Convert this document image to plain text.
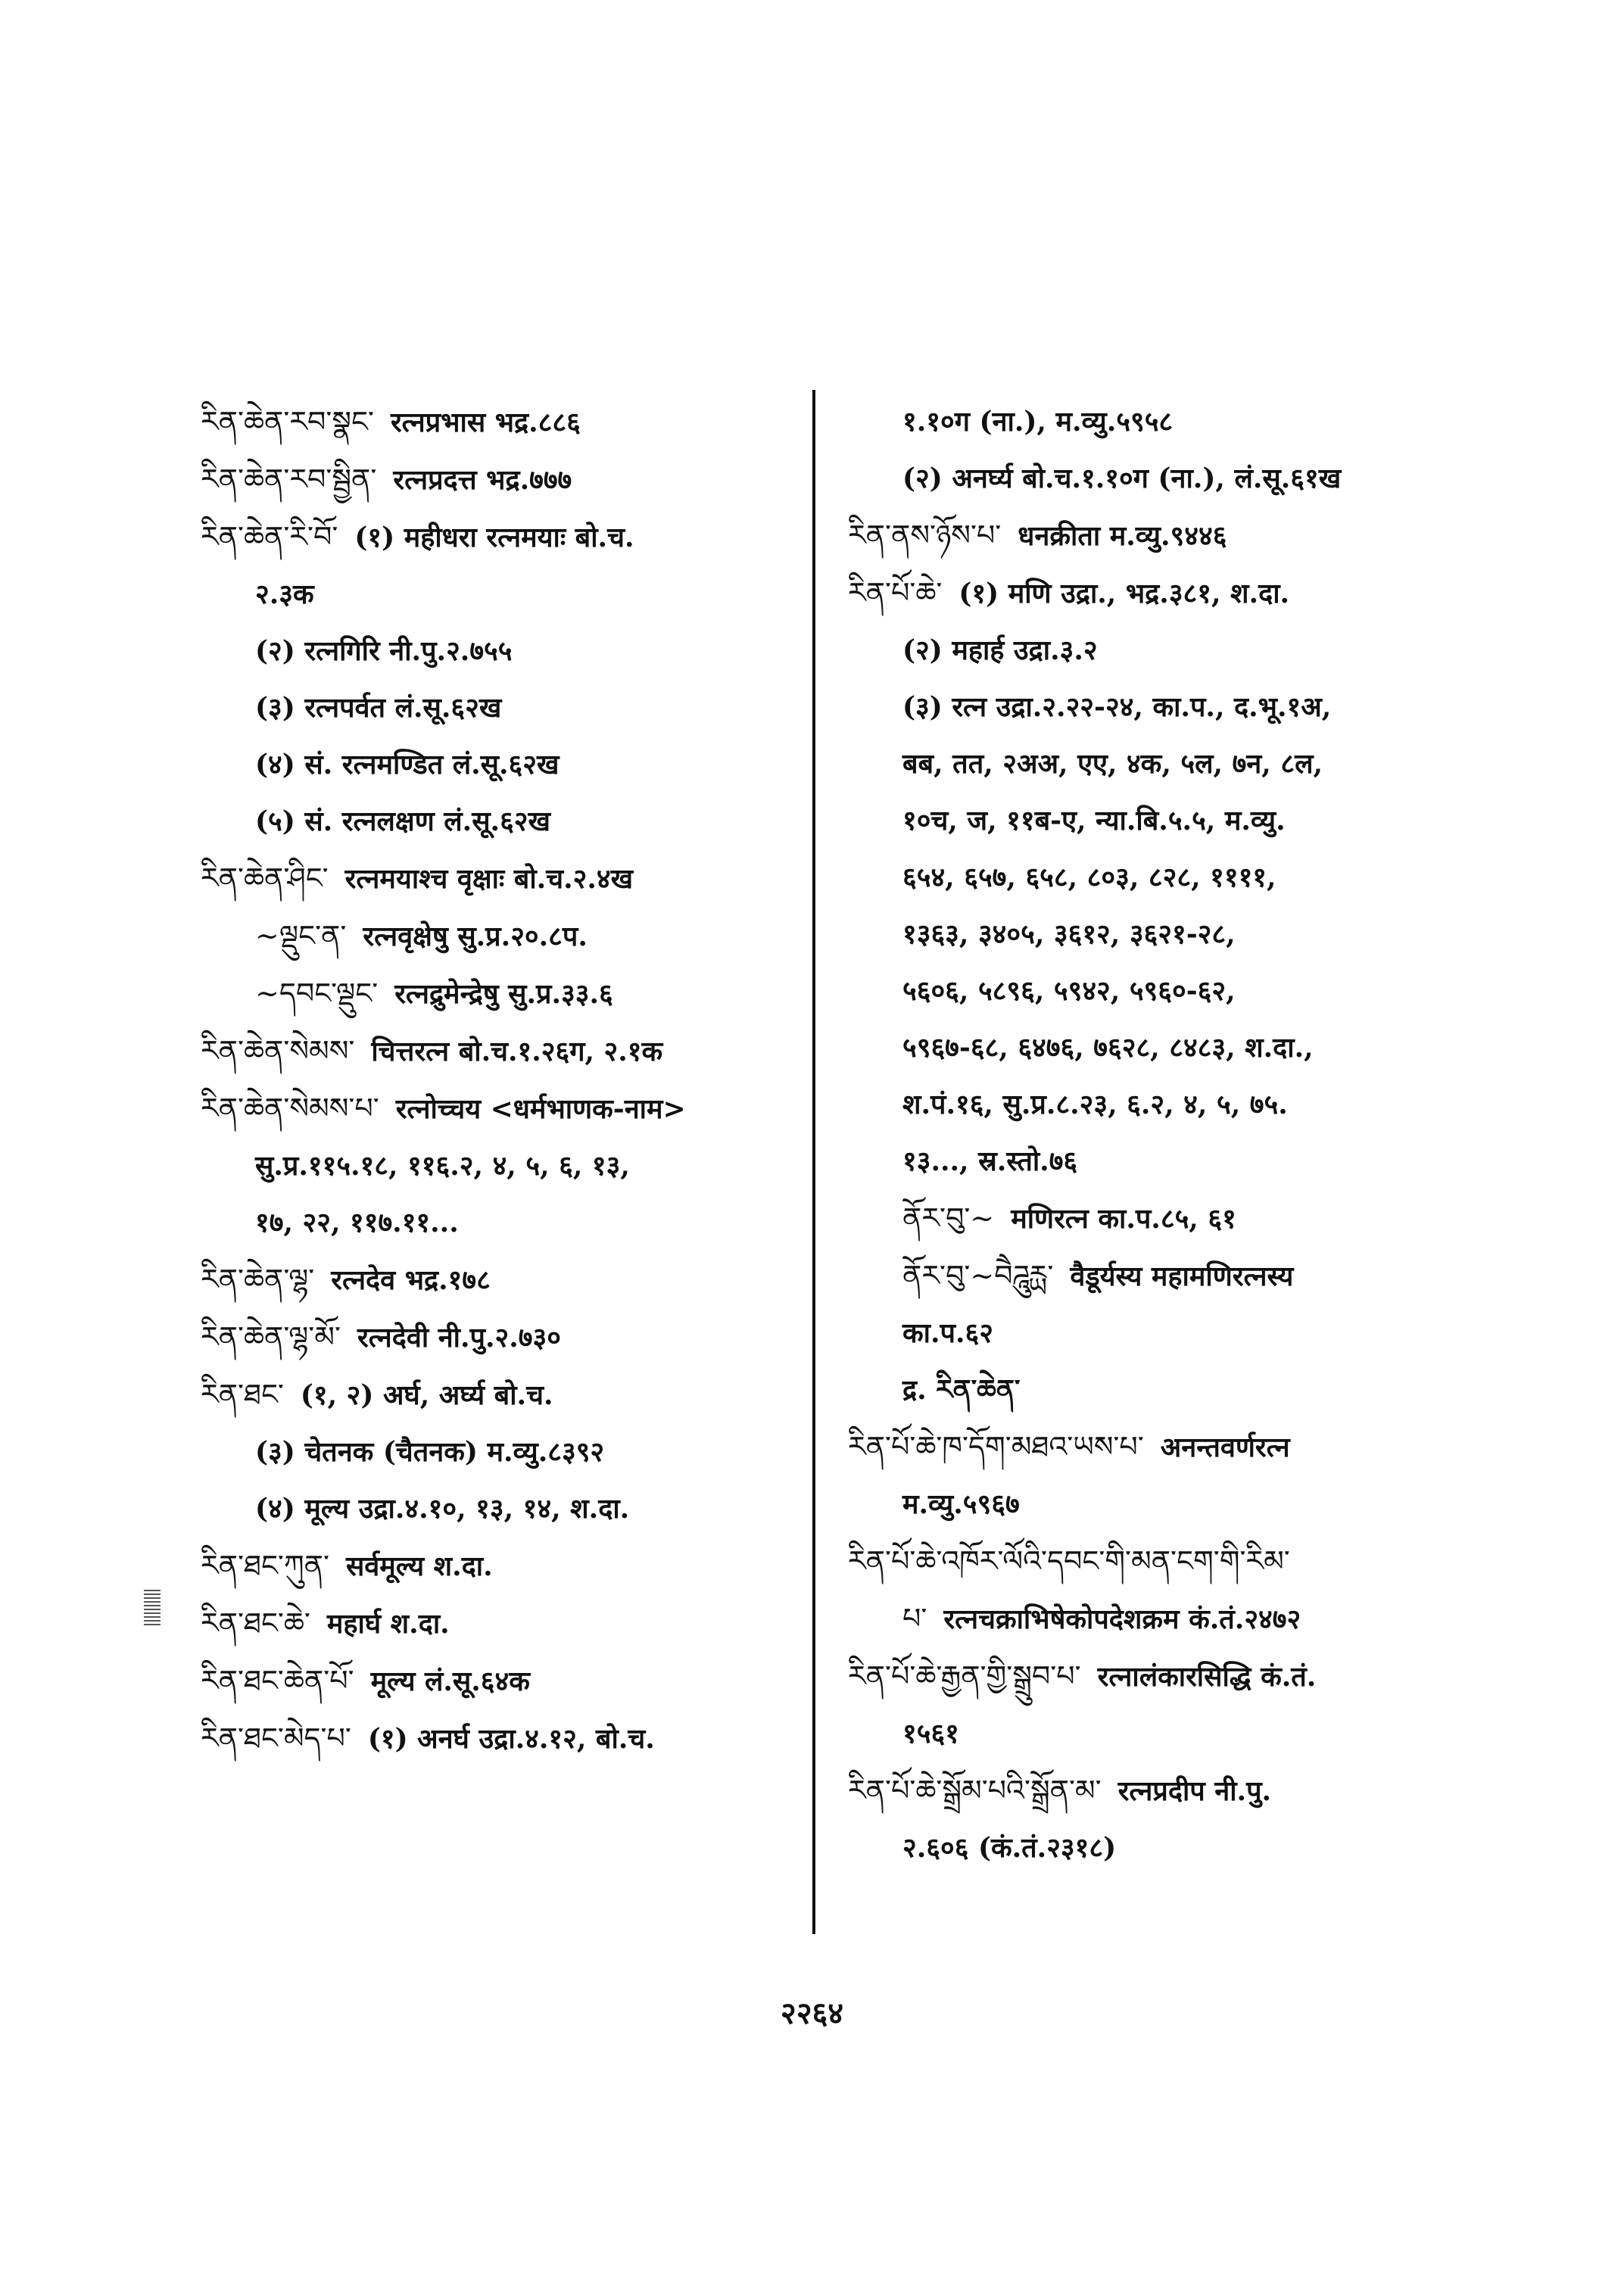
རིན་ཆེན་རབ་སྣང་ रत्नप्रभास भद्र.८८६
རིན་ཆེན་རབ་སྦྱིན་ रत्नप्रदत्त भद्र.७७७
རིན་ཆེན་རི་བོ་ (१) महीधरा रत्नमयाः बो.च.
२.३क
(२) रत्नगिरि नी.पु.२.७५५
(३) रत्नपर्वत लं.सू.६२ख
(४) सं. रत्नमण्डित लं.सू.६२ख
(५) सं. रत्नलक्षण लं.सू.६२ख
རིན་ཆེན་ཤིང་ रत्नमयाश्च वृक्षाः बो.च.२.४ख
~ལྡུང་ན་ रत्नवृक्षेषु सु.प्र.२०.८प.
~དབང་ལྡུང་ रत्नद्रुमेन्द्रेषु सु.प्र.३३.६
རིན་ཆེན་སེམས་ चित्तरत्न बो.च.१.२६ग, २.१क
རིན་ཆེན་སེམས་པ་ रत्नोच्चय <धर्मभाणक-नाम>
सु.प्र.११५.१८, ११६.२, ४, ५, ६, १३,
१७, २२, ११७.११...
རིན་ཆེན་ལྷ་ रत्नदेव भद्र.१७८
རིན་ཆེན་ལྷ་མོ་ रत्नदेवी नी.पु.२.७३०
རིན་ཐང་ (१, २) अर्घ, अर्घ्य बो.च.
(३) चेतनक (चैतनक) म.व्यु.८३९२
(४) मूल्य उद्रा.४.१०, १३, १४, श.दा.
རིན་ཐང་ཀུན་ सर्वमूल्य श.दा.
རིན་ཐང་ཆེ་ महार्घ श.दा.
རིན་ཐང་ཆེན་པོ་ मूल्य लं.सू.६४क
རིན་ཐང་མེད་པ་ (१) अनर्घ उद्रा.४.१२, बो.च.
१.१०ग (ना.), म.व्यु.५९५८
(२) अनर्घ्य बो.च.१.१०ग (ना.), लं.सू.६१ख
རིན་ནས་ཉོས་པ་ धनक्रीता म.व्यु.९४४६
རིན་པོ་ཆེ་ (१) मणि उद्रा., भद्र.३८१, श.दा.
(२) महार्ह उद्रा.३.२
(३) रत्न उद्रा.२.२२-२४, का.प., द.भू.१अ,
बब, तत, २अअ, एए, ४क, ५ल, ७न, ८ल,
१०च, ज, ११ब-ए, न्या.बि.५.५, म.व्यु.
६५४, ६५७, ६५८, ८०३, ८२८, ११११,
१३६३, ३४०५, ३६१२, ३६२१-२८,
५६०६, ५८९६, ५९४२, ५९६०-६२,
५९६७-६८, ६४७६, ७६२८, ८४८३, श.दा.,
श.पं.१६, सु.प्र.८.२३, ६.२, ४, ५, ७५.
१३..., स्र.स्तो.७६
ནོར་བུ་~ मणिरत्न का.प.८५, ६१
ནོར་བུ་~བཻཌཱུརྻ་ वैडूर्यस्य महामणिरत्नस्य
का.प.६२
द्र. རིན་ཆེན་
རིན་པོ་ཆེ་ཁ་དོག་མཐའ་ཡས་པ་ अनन्तवर्णरत्न
म.व्यु.५९६७
རིན་པོ་ཆེ་འཁོར་ལོའི་དབང་གི་མན་ངག་གི་རིམ་
པ་ रत्नचक्राभिषेकोपदेशक्रम कं.तं.२४७२
རིན་པོ་ཆེ་རྒྱན་གྱི་སྒྲུབ་པ་ रत्नालंकारसिद्धि कं.तं.
१५६१
རིན་པོ་ཆེ་སྒྲོམ་པའི་སྒྲོན་མ་ रत्नप्रदीप नी.पु.
२.६०६ (कं.तं.२३१८)
२२६४
